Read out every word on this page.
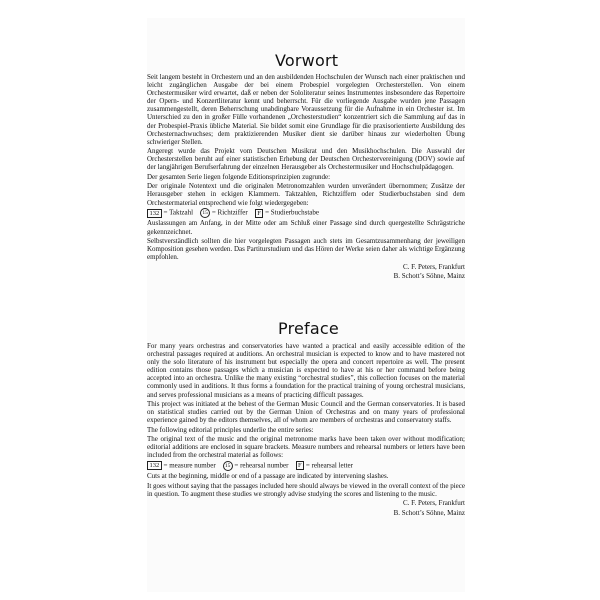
Vorwort

Seit langem besteht in Orchestern und an den ausbildenden Hochschulen der Wunsch nach einer praktischen und leicht zugänglichen Ausgabe der bei einem Probespiel vorgelegten Orchesterstellen. Von einem Orchestermusiker wird erwartet, daß er neben der Sololiteratur seines Instrumentes insbesondere das Repertoire der Opern- und Konzertliteratur kennt und beherrscht. Für die vorliegende Ausgabe wurden jene Passagen zusammengestellt, deren Beherrschung unabdingbare Voraussetzung für die Aufnahme in ein Orchester ist. Im Unterschied zu den in großer Fülle vorhandenen „Orchesterstudien“ konzentriert sich die Sammlung auf das in der Probespiel-Praxis übliche Material. Sie bildet somit eine Grundlage für die praxisorientierte Ausbildung des Orchesternachwuchses; dem praktizierenden Musiker dient sie darüber hinaus zur wiederholten Übung schwieriger Stellen.

Angeregt wurde das Projekt vom Deutschen Musikrat und den Musikhochschulen. Die Auswahl der Orchesterstellen beruht auf einer statistischen Erhebung der Deutschen Orchestervereinigung (DOV) sowie auf der langjährigen Berufserfahrung der einzelnen Herausgeber als Orchestermusiker und Hochschulpädagogen.

Der gesamten Serie liegen folgende Editionsprinzipien zugrunde:

Der originale Notentext und die originalen Metronomzahlen wurden unverändert übernommen; Zusätze der Herausgeber stehen in eckigen Klammern. Taktzahlen, Richtziffern oder Studierbuchstaben sind dem Orchestermaterial entsprechend wie folgt wiedergegeben:

132 = Taktzahl 15 = Richtziffer F = Studierbuchstabe

Auslassungen am Anfang, in der Mitte oder am Schluß einer Passage sind durch quergestellte Schrägstriche gekennzeichnet.

Selbstverständlich sollten die hier vorgelegten Passagen auch stets im Gesamtzusammenhang der jeweiligen Komposition gesehen werden. Das Partiturstudium und das Hören der Werke seien daher als wichtige Ergänzung empfohlen.

C. F. Peters, Frankfurt

B. Schott’s Söhne, Mainz

Preface

For many years orchestras and conservatories have wanted a practical and easily accessible edition of the orchestral passages required at auditions. An orchestral musician is expected to know and to have mastered not only the solo literature of his instrument but especially the opera and concert repertoire as well. The present edition contains those passages which a musician is expected to have at his or her command before being accepted into an orchestra. Unlike the many existing “orchestral studies”, this collection focuses on the material commonly used in auditions. It thus forms a foundation for the practical training of young orchestral musicians, and serves professional musicians as a means of practicing difficult passages.

This project was initiated at the behest of the German Music Council and the German conservatories. It is based on statistical studies carried out by the German Union of Orchestras and on many years of professional experience gained by the editors themselves, all of whom are members of orchestras and conservatory staffs.

The following editorial principles underlie the entire series:

The original text of the music and the original metronome marks have been taken over without modification; editorial additions are enclosed in square brackets. Measure numbers and rehearsal numbers or letters have been included from the orchestral material as follows:

132 = measure number 15 = rehearsal number F = rehearsal letter

Cuts at the beginning, middle or end of a passage are indicated by intervening slashes.

It goes without saying that the passages included here should always be viewed in the overall context of the piece in question. To augment these studies we strongly advise studying the scores and listening to the music.

C. F. Peters, Frankfurt

B. Schott’s Söhne, Mainz
